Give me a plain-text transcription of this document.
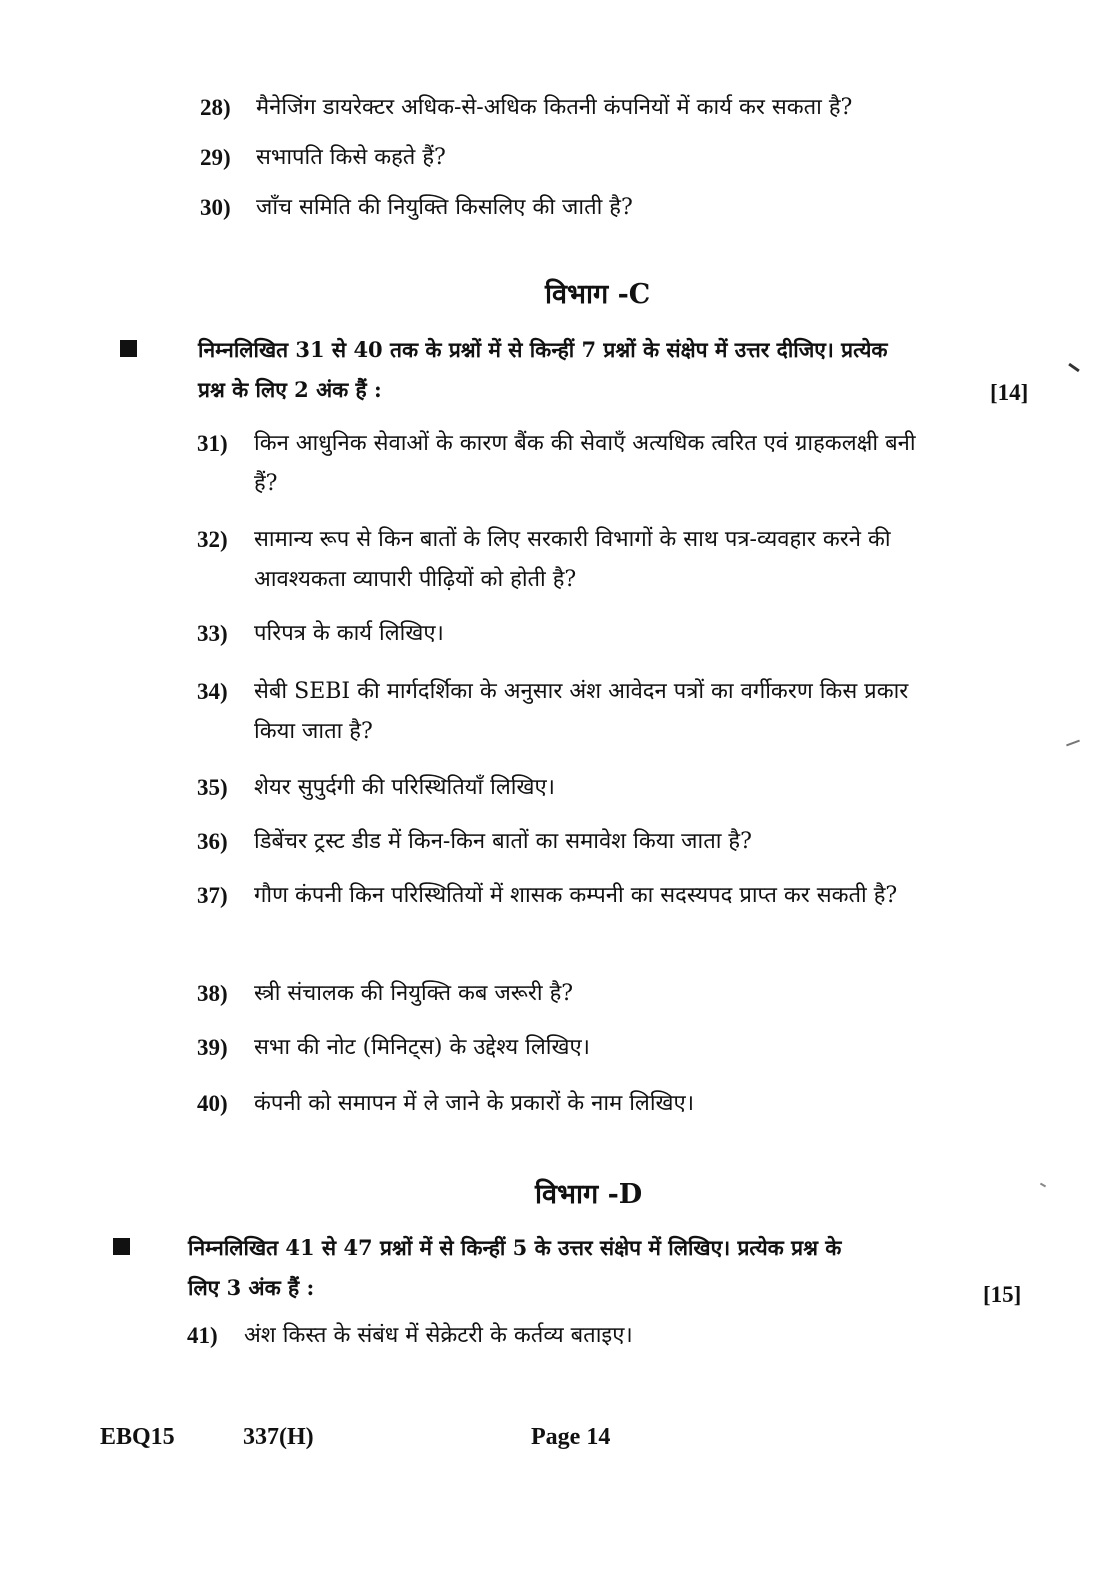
28) मैनेजिंग डायरेक्टर अधिक-से-अधिक कितनी कंपनियों में कार्य कर सकता है?
29) सभापति किसे कहते हैं?
30) जाँच समिति की नियुक्ति किसलिए की जाती है?
विभाग -C
निम्नलिखित 31 से 40 तक के प्रश्नों में से किन्हीं 7 प्रश्नों के संक्षेप में उत्तर दीजिए। प्रत्येक प्रश्न के लिए 2 अंक हैं :	[14]
31) किन आधुनिक सेवाओं के कारण बैंक की सेवाएँ अत्यधिक त्वरित एवं ग्राहकलक्षी बनी हैं?
32) सामान्य रूप से किन बातों के लिए सरकारी विभागों के साथ पत्र-व्यवहार करने की आवश्यकता व्यापारी पीढ़ियों को होती है?
33) परिपत्र के कार्य लिखिए।
34) सेबी SEBI की मार्गदर्शिका के अनुसार अंश आवेदन पत्रों का वर्गीकरण किस प्रकार किया जाता है?
35) शेयर सुपुर्दगी की परिस्थितियाँ लिखिए।
36) डिबेंचर ट्रस्ट डीड में किन-किन बातों का समावेश किया जाता है?
37) गौण कंपनी किन परिस्थितियों में शासक कम्पनी का सदस्यपद प्राप्त कर सकती है?
38) स्त्री संचालक की नियुक्ति कब जरूरी है?
39) सभा की नोट (मिनिट्स) के उद्देश्य लिखिए।
40) कंपनी को समापन में ले जाने के प्रकारों के नाम लिखिए।
विभाग -D
निम्नलिखित 41 से 47 प्रश्नों में से किन्हीं 5 के उत्तर संक्षेप में लिखिए। प्रत्येक प्रश्न के लिए 3 अंक हैं :	[15]
41) अंश किस्त के संबंध में सेक्रेटरी के कर्तव्य बताइए।
EBQ15	337(H)	Page 14
